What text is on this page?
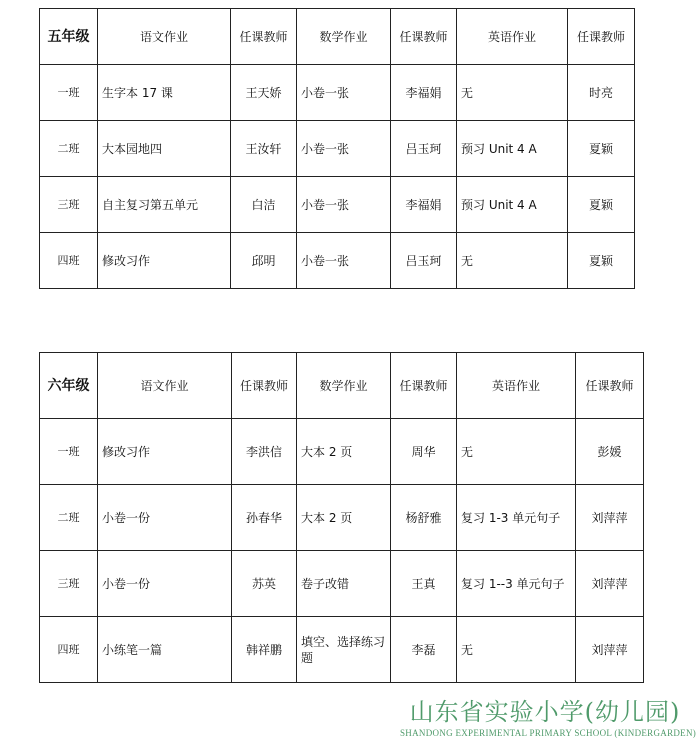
五年级	语文作业	任课教师	数学作业	任课教师	英语作业	任课教师
一班	生字本 17 课	王天娇	小卷一张	李福娟	无	时亮
二班	大本园地四	王汝轩	小卷一张	吕玉珂	预习 Unit 4 A	夏颖
三班	自主复习第五单元	白洁	小卷一张	李福娟	预习 Unit 4 A	夏颖
四班	修改习作	邱明	小卷一张	吕玉珂	无	夏颖
六年级	语文作业	任课教师	数学作业	任课教师	英语作业	任课教师
一班	修改习作	李洪信	大本 2 页	周华	无	彭媛
二班	小卷一份	孙春华	大本 2 页	杨舒雅	复习 1-3 单元句子	刘萍萍
三班	小卷一份	苏英	卷子改错	王真	复习 1--3 单元句子	刘萍萍
四班	小练笔一篇	韩祥鹏	填空、选择练习题	李磊	无	刘萍萍
山东省实验小学(幼儿园)
SHANDONG EXPERIMENTAL PRIMARY SCHOOL (KINDERGARDEN)
